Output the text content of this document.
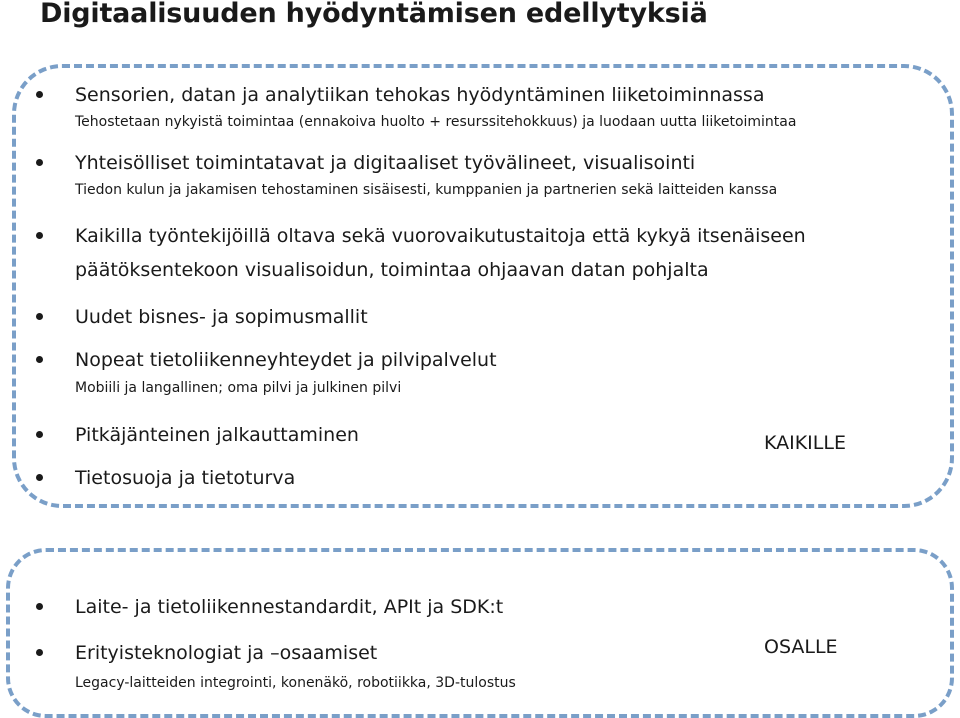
Digitaalisuuden hyödyntämisen edellytyksiä
Sensorien, datan ja analytiikan tehokas hyödyntäminen liiketoiminnassa
Tehostetaan nykyistä toimintaa (ennakoiva huolto + resurssitehokkuus) ja luodaan uutta liiketoimintaa
Yhteisölliset toimintatavat ja digitaaliset työvälineet, visualisointi
Tiedon kulun ja jakamisen tehostaminen sisäisesti, kumppanien ja partnerien sekä laitteiden kanssa
Kaikilla työntekijöillä oltava sekä vuorovaikutustaitoja että kykyä itsenäiseen
päätöksentekoon visualisoidun, toimintaa ohjaavan datan pohjalta
Uudet bisnes- ja sopimusmallit
Nopeat tietoliikenneyhteydet ja pilvipalvelut
Mobiili ja langallinen; oma pilvi ja julkinen pilvi
Pitkäjänteinen jalkauttaminen
Tietosuoja ja tietoturva
KAIKILLE
Laite- ja tietoliikennestandardit, APIt ja SDK:t
Erityisteknologiat ja –osaamiset
Legacy-laitteiden integrointi, konenäkö, robotiikka, 3D-tulostus
OSALLE
